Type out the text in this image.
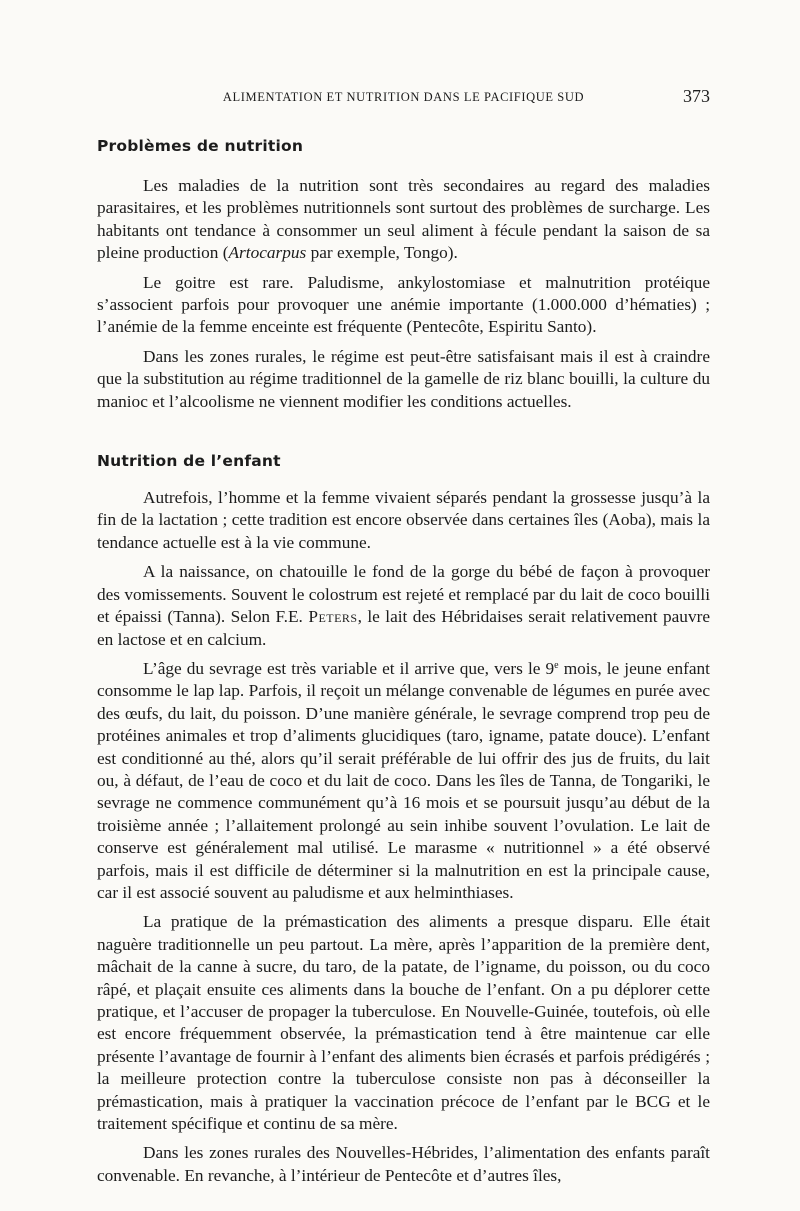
ALIMENTATION ET NUTRITION DANS LE PACIFIQUE SUD	373
Problèmes de nutrition

Les maladies de la nutrition sont très secondaires au regard des maladies parasitaires, et les problèmes nutritionnels sont surtout des problèmes de surcharge. Les habitants ont tendance à consommer un seul aliment à fécule pendant la saison de sa pleine production (Artocarpus par exemple, Tongo).

Le goitre est rare. Paludisme, ankylostomiase et malnutrition protéique s’associent parfois pour provoquer une anémie importante (1.000.000 d’hématies) ; l’anémie de la femme enceinte est fréquente (Pentecôte, Espiritu Santo).

Dans les zones rurales, le régime est peut-être satisfaisant mais il est à craindre que la substitution au régime traditionnel de la gamelle de riz blanc bouilli, la culture du manioc et l’alcoolisme ne viennent modifier les conditions actuelles.

Nutrition de l’enfant

Autrefois, l’homme et la femme vivaient séparés pendant la grossesse jusqu’à la fin de la lactation ; cette tradition est encore observée dans certaines îles (Aoba), mais la tendance actuelle est à la vie commune.

A la naissance, on chatouille le fond de la gorge du bébé de façon à provoquer des vomissements. Souvent le colostrum est rejeté et remplacé par du lait de coco bouilli et épaissi (Tanna). Selon F.E. Peters, le lait des Hébridaises serait relativement pauvre en lactose et en calcium.

L’âge du sevrage est très variable et il arrive que, vers le 9e mois, le jeune enfant consomme le lap lap. Parfois, il reçoit un mélange convenable de légumes en purée avec des œufs, du lait, du poisson. D’une manière générale, le sevrage comprend trop peu de protéines animales et trop d’aliments glucidiques (taro, igname, patate douce). L’enfant est conditionné au thé, alors qu’il serait préférable de lui offrir des jus de fruits, du lait ou, à défaut, de l’eau de coco et du lait de coco. Dans les îles de Tanna, de Tongariki, le sevrage ne commence communément qu’à 16 mois et se poursuit jusqu’au début de la troisième année ; l’allaitement prolongé au sein inhibe souvent l’ovulation. Le lait de conserve est généralement mal utilisé. Le marasme « nutritionnel » a été observé parfois, mais il est difficile de déterminer si la malnutrition en est la principale cause, car il est associé souvent au paludisme et aux helminthiases.

La pratique de la prémastication des aliments a presque disparu. Elle était naguère traditionnelle un peu partout. La mère, après l’apparition de la première dent, mâchait de la canne à sucre, du taro, de la patate, de l’igname, du poisson, ou du coco râpé, et plaçait ensuite ces aliments dans la bouche de l’enfant. On a pu déplorer cette pratique, et l’accuser de propager la tuberculose. En Nouvelle-Guinée, toutefois, où elle est encore fréquemment observée, la prémastication tend à être maintenue car elle présente l’avantage de fournir à l’enfant des aliments bien écrasés et parfois prédigérés ; la meilleure protection contre la tuberculose consiste non pas à déconseiller la prémastication, mais à pratiquer la vaccination précoce de l’enfant par le BCG et le traitement spécifique et continu de sa mère.

Dans les zones rurales des Nouvelles-Hébrides, l’alimentation des enfants paraît convenable. En revanche, à l’intérieur de Pentecôte et d’autres îles,
